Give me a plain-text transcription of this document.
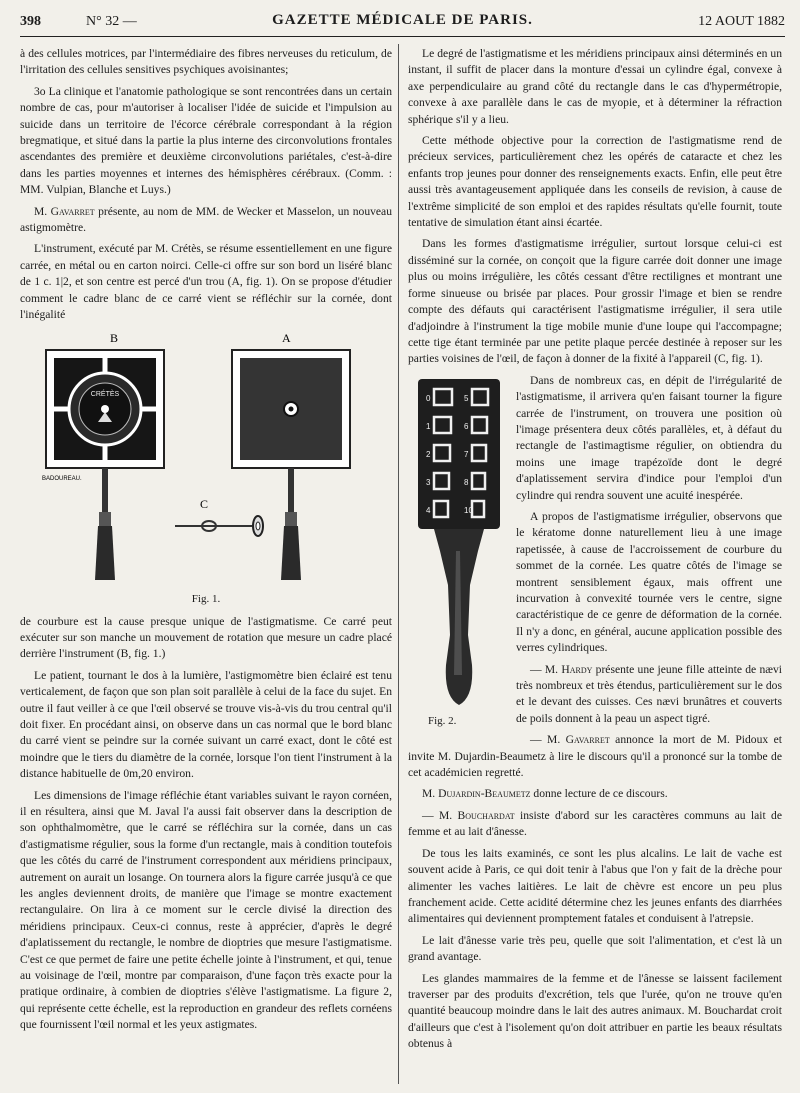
398	N° 32 —	GAZETTE MÉDICALE DE PARIS.	12 AOUT 1882

à des cellules motrices, par l'intermédiaire des fibres nerveuses du reticulum, de l'irritation des cellules sensitives psychiques avoisinantes;

3o La clinique et l'anatomie pathologique se sont rencontrées dans un certain nombre de cas, pour m'autoriser à localiser l'idée de suicide et l'impulsion au suicide dans un territoire de l'écorce cérébrale correspondant à la région bregmatique, et situé dans la partie la plus interne des circonvolutions frontales ascendantes des première et deuxième circonvolutions pariétales, c'est-à-dire dans les parties moyennes et internes des hémisphères cérébraux. (Comm. : MM. Vulpian, Blanche et Luys.)

M. Gavarret présente, au nom de MM. de Wecker et Masselon, un nouveau astigmomètre.

L'instrument, exécuté par M. Crétès, se résume essentiellement en une figure carrée, en métal ou en carton noirci. Celle-ci offre sur son bord un liséré blanc de 1 c. 1|2, et son centre est percé d'un trou (A, fig. 1). On se propose d'étudier comment le cadre blanc de ce carré vient se réfléchir sur la cornée, dont l'inégalité

B
CRÉTÈS
BADOUREAU.
A
C
Fig. 1.

de courbure est la cause presque unique de l'astigmatisme. Ce carré peut exécuter sur son manche un mouvement de rotation que mesure un cadre placé derrière l'instrument (B, fig. 1.)

Le patient, tournant le dos à la lumière, l'astigmomètre bien éclairé est tenu verticalement, de façon que son plan soit parallèle à celui de la face du sujet. En outre il faut veiller à ce que l'œil observé se trouve vis-à-vis du trou central qu'il doit fixer. En procédant ainsi, on observe dans un cas normal que le bord blanc du carré vient se peindre sur la cornée suivant un carré exact, dont le côté est moindre que le tiers du diamètre de la cornée, lorsque l'on tient l'instrument à la distance habituelle de 0m,20 environ.

Les dimensions de l'image réfléchie étant variables suivant le rayon cornéen, il en résultera, ainsi que M. Javal l'a aussi fait observer dans la description de son ophthalmomètre, que le carré se réfléchira sur la cornée, dans un cas d'astigmatisme régulier, sous la forme d'un rectangle, mais à condition toutefois que les côtés du carré de l'instrument correspondent aux méridiens principaux, autrement on aurait un losange. On tournera alors la figure carrée jusqu'à ce que les angles deviennent droits, de manière que l'image se montre exactement rectangulaire. On lira à ce moment sur le cercle divisé la direction des méridiens principaux. Ceux-ci connus, reste à apprécier, d'après le degré d'aplatissement du rectangle, le nombre de dioptries que mesure l'astigmatisme. C'est ce que permet de faire une petite échelle jointe à l'instrument, et qui, tenue au voisinage de l'œil, montre par comparaison, d'une façon très exacte pour la pratique ordinaire, à combien de dioptries s'élève l'astigmatisme. La figure 2, qui représente cette échelle, est la reproduction en grandeur des reflets cornéens que fournissent l'œil normal et les yeux astigmates.

Le degré de l'astigmatisme et les méridiens principaux ainsi déterminés en un instant, il suffit de placer dans la monture d'essai un cylindre égal, convexe à axe perpendiculaire au grand côté du rectangle dans le cas d'hypermétropie, convexe à axe parallèle dans le cas de myopie, et à déterminer la réfraction sphérique s'il y a lieu.

Cette méthode objective pour la correction de l'astigmatisme rend de précieux services, particulièrement chez les opérés de cataracte et chez les enfants trop jeunes pour donner des renseignements exacts. Enfin, elle peut être aussi très avantageusement appliquée dans les conseils de revision, à cause de l'extrême simplicité de son emploi et des rapides résultats qu'elle fournit, toute tentative de simulation étant ainsi écartée.

Dans les formes d'astigmatisme irrégulier, surtout lorsque celui-ci est disséminé sur la cornée, on conçoit que la figure carrée doit donner une image plus ou moins irrégulière, les côtés cessant d'être rectilignes et montrant une forme sinueuse ou brisée par places. Pour grossir l'image et bien se rendre compte des défauts qui caractérisent l'astigmatisme irrégulier, il sera utile d'adjoindre à l'instrument la tige mobile munie d'une loupe qui l'accompagne; cette tige étant terminée par une petite plaque percée destinée à reposer sur les parties voisines de l'œil, de façon à donner de la fixité à l'appareil (C, fig. 1).

0
1
2
3
4
5
6
7
8
10
Fig. 2.

Dans de nombreux cas, en dépit de l'irrégularité de l'astigmatisme, il arrivera qu'en faisant tourner la figure carrée de l'instrument, on trouvera une position où l'image présentera deux côtés parallèles, et, à défaut du rectangle de l'astimagtisme régulier, on obtiendra du moins une image trapézoïde dont le degré d'aplatissement servira d'indice pour l'emploi d'un cylindre qui rendra souvent une acuité inespérée.

A propos de l'astigmatisme irrégulier, observons que le kératome donne naturellement lieu à une image rapetissée, à cause de l'accroissement de courbure du sommet de la cornée. Les quatre côtés de l'image se montrent sensiblement égaux, mais offrent une incurvation à convexité tournée vers le centre, signe caractéristique de ce genre de déformation de la cornée. Il n'y a donc, en général, aucune application possible des verres cylindriques.

— M. Hardy présente une jeune fille atteinte de nævi très nombreux et très étendus, particulièrement sur le dos et le devant des cuisses. Ces nævi brunâtres et couverts de poils donnent à la peau un aspect tigré.

— M. Gavarret annonce la mort de M. Pidoux et invite M. Dujardin-Beaumetz à lire le discours qu'il a prononcé sur la tombe de cet académicien regretté.

M. Dujardin-Beaumetz donne lecture de ce discours.

— M. Bouchardat insiste d'abord sur les caractères communs au lait de femme et au lait d'ânesse.

De tous les laits examinés, ce sont les plus alcalins. Le lait de vache est souvent acide à Paris, ce qui doit tenir à l'abus que l'on y fait de la drèche pour alimenter les vaches laitières. Le lait de chèvre est encore un peu plus franchement acide. Cette acidité détermine chez les jeunes enfants des diarrhées alimentaires qui deviennent promptement fatales et conduisent à l'atrepsie.

Le lait d'ânesse varie très peu, quelle que soit l'alimentation, et c'est là un grand avantage.

Les glandes mammaires de la femme et de l'ânesse se laissent facilement traverser par des produits d'excrétion, tels que l'urée, qu'on ne trouve qu'en quantité beaucoup moindre dans le lait des autres animaux. M. Bouchardat croit d'ailleurs que c'est à l'isolement qu'on doit attribuer en partie les beaux résultats obtenus à
